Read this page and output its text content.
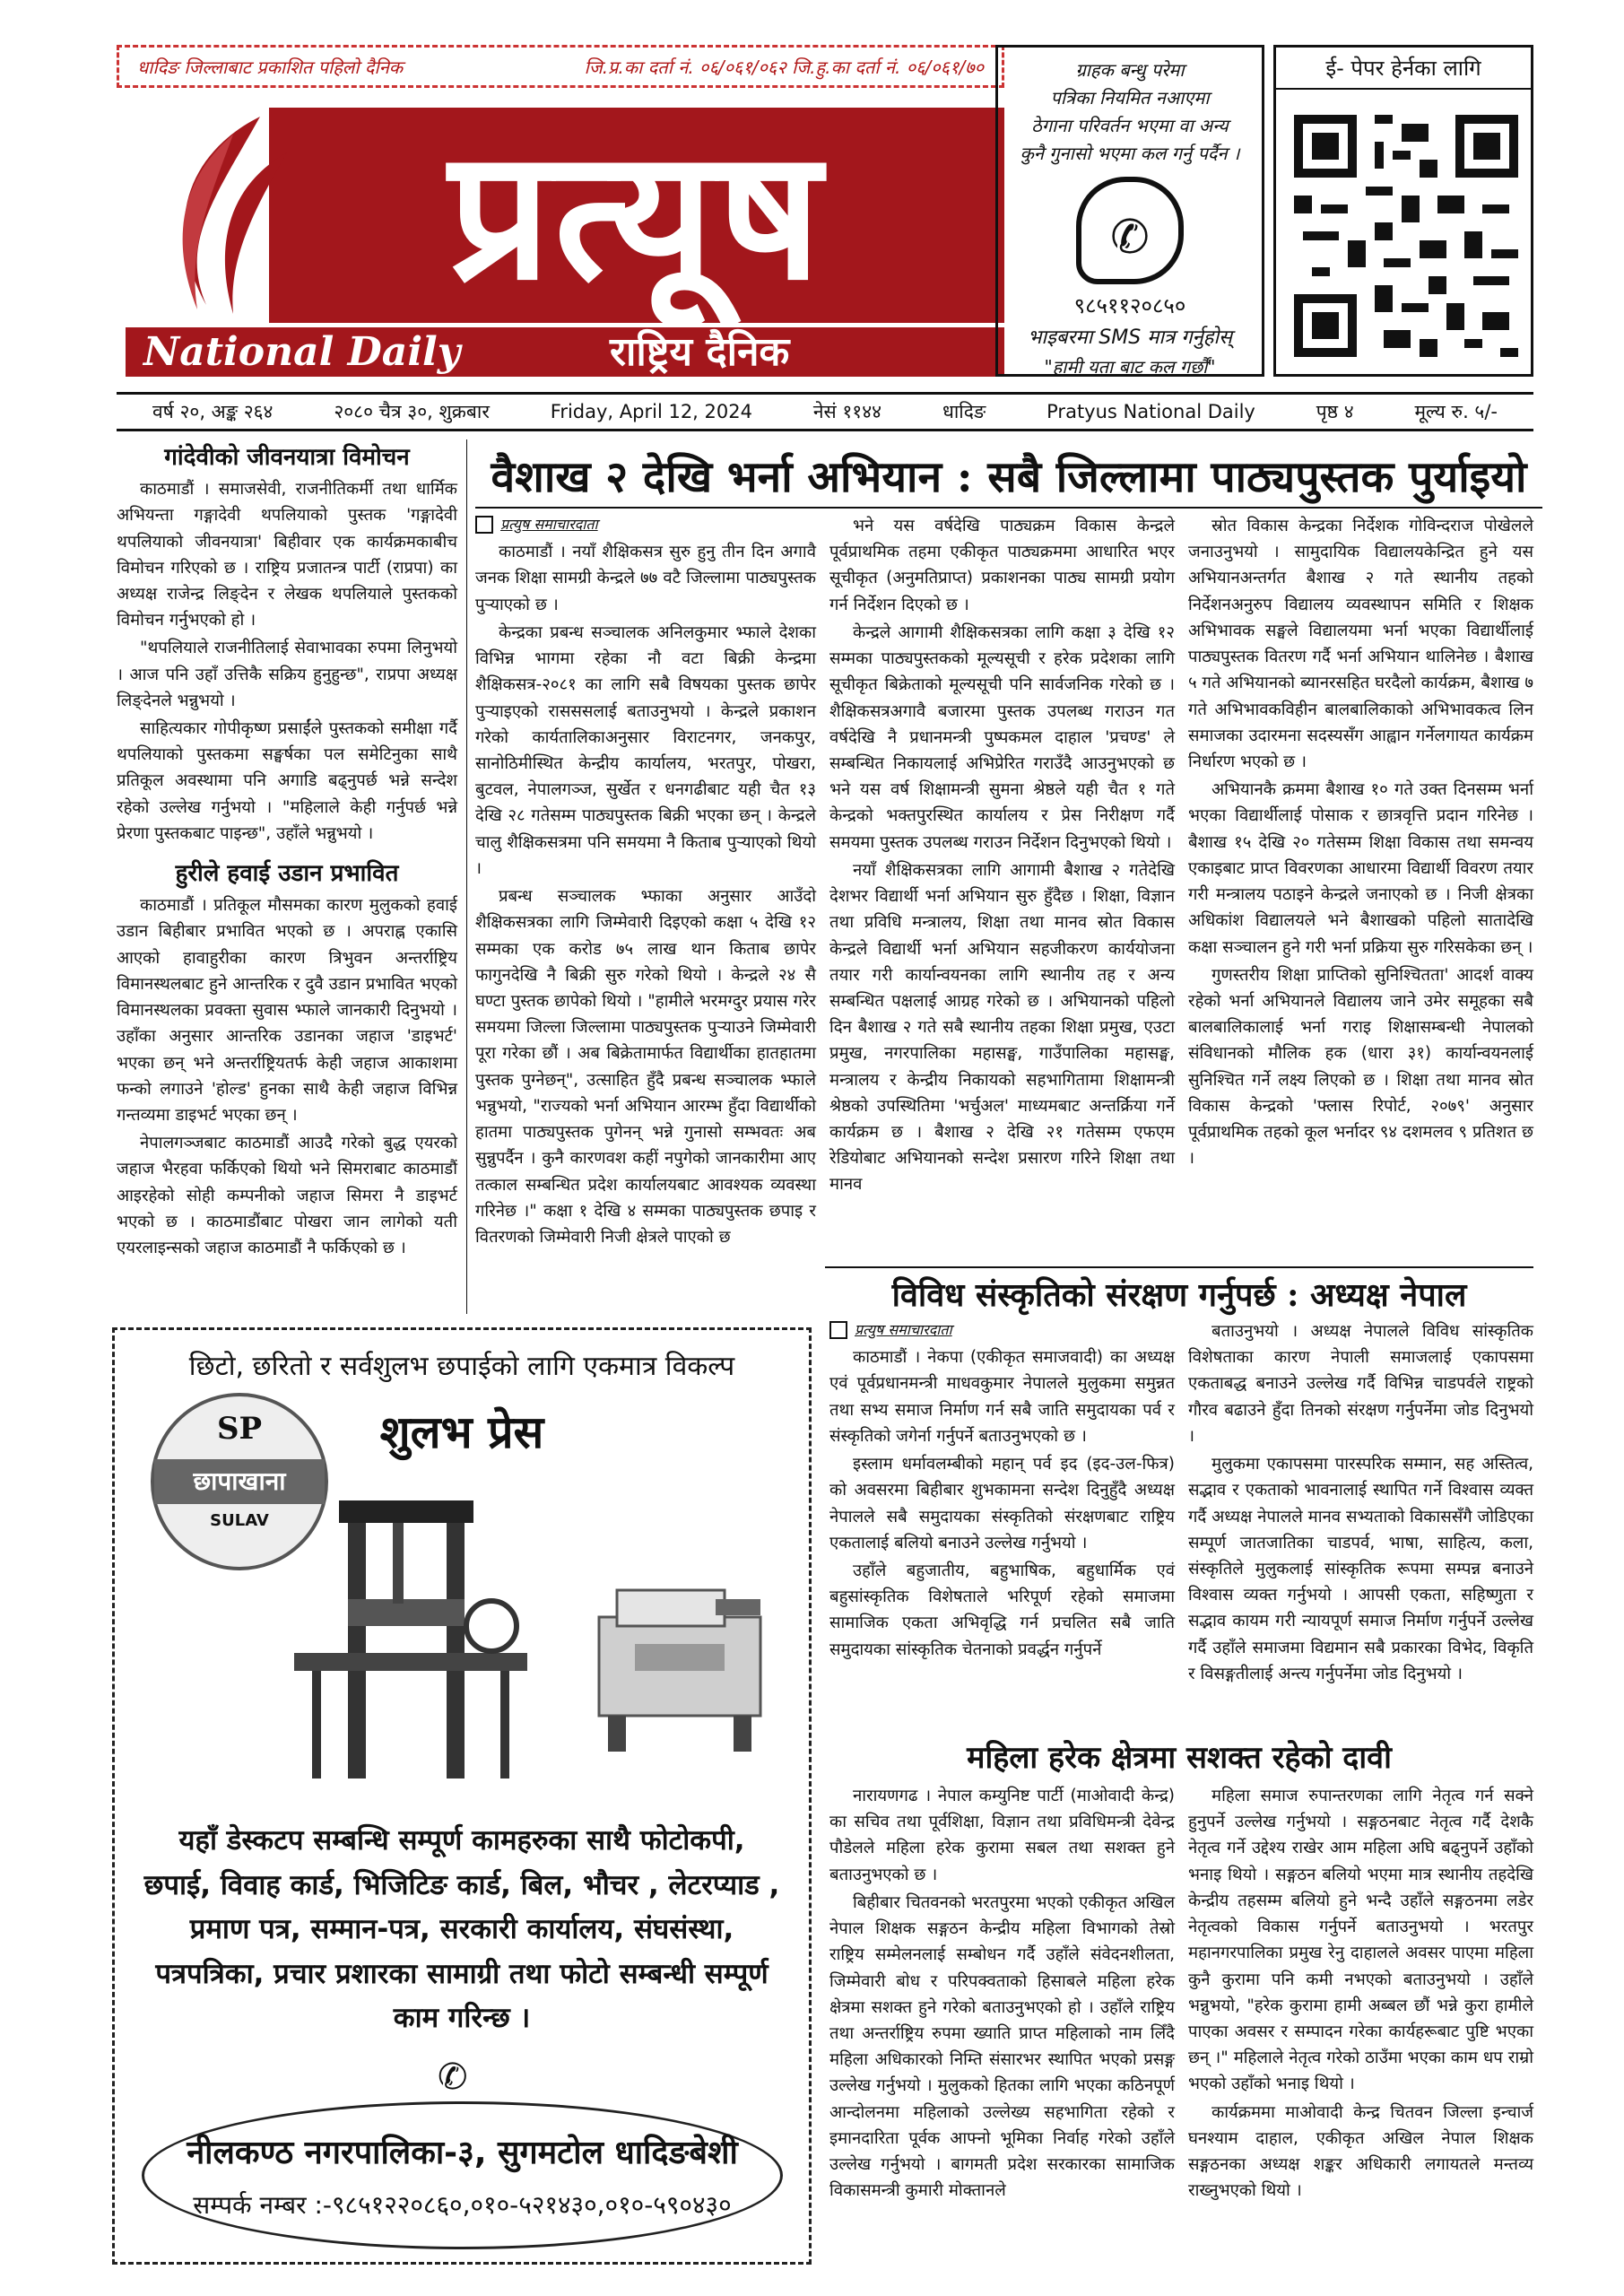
धादिङ जिल्लाबाट प्रकाशित पहिलो दैनिक	जि.प्र.का दर्ता नं. ०६/०६१/०६२ जि.हु.का दर्ता नं. ०६/०६१/७०
प्रत्यूष
National Daily	राष्ट्रिय दैनिक
ग्राहक बन्धु परेमा
पत्रिका नियमित नआएमा
ठेगाना परिवर्तन भएमा वा अन्य
कुनै गुनासो भएमा कल गर्नु पर्दैन ।
✆
९८५११२०८५०
भाइबरमा SMS मात्र गर्नुहोस्
"हामी यता बाट कल गर्छौं"
ई- पेपर हेर्नका लागि
वर्ष २०, अङ्क २६४	२०८० चैत्र ३०, शुक्रबार	Friday, April 12, 2024	नेसं ११४४	धादिङ	Pratyus National Daily	पृष्ठ ४	मूल्य रु. ५/-
गांदेवीको जीवनयात्रा विमोचन

काठमाडौं । समाजसेवी, राजनीतिकर्मी तथा धार्मिक अभियन्ता गङ्गादेवी थपलियाको पुस्तक 'गङ्गादेवी थपलियाको जीवनयात्रा' बिहीवार एक कार्यक्रमकाबीच विमोचन गरिएको छ । राष्ट्रिय प्रजातन्त्र पार्टी (राप्रपा) का अध्यक्ष राजेन्द्र लिङ्देन र लेखक थपलियाले पुस्तकको विमोचन गर्नुभएको हो ।

"थपलियाले राजनीतिलाई सेवाभावका रुपमा लिनुभयो । आज पनि उहाँ उत्तिकै सक्रिय हुनुहुन्छ", राप्रपा अध्यक्ष लिङ्देनले भन्नुभयो ।

साहित्यकार गोपीकृष्ण प्रसाईंले पुस्तकको समीक्षा गर्दै थपलियाको पुस्तकमा सङ्घर्षका पल समेटिनुका साथै प्रतिकूल अवस्थामा पनि अगाडि बढ्नुपर्छ भन्ने सन्देश रहेको उल्लेख गर्नुभयो । "महिलाले केही गर्नुपर्छ भन्ने प्रेरणा पुस्तकबाट पाइन्छ", उहाँले भन्नुभयो ।

हुरीले हवाई उडान प्रभावित

काठमाडौं । प्रतिकूल मौसमका कारण मुलुकको हवाई उडान बिहीबार प्रभावित भएको छ । अपराह्न एकासि आएको हावाहुरीका कारण त्रिभुवन अन्तर्राष्ट्रिय विमानस्थलबाट हुने आन्तरिक र दुवै उडान प्रभावित भएको विमानस्थलका प्रवक्ता सुवास भ्फाले जानकारी दिनुभयो । उहाँका अनुसार आन्तरिक उडानका जहाज 'डाइभर्ट' भएका छन् भने अन्तर्राष्ट्रियतर्फ केही जहाज आकाशमा फन्को लगाउने 'होल्ड' हुनका साथै केही जहाज विभिन्न गन्तव्यमा डाइभर्ट भएका छन् ।

नेपालगञ्जबाट काठमाडौं आउदै गरेको बुद्ध एयरको जहाज भैरहवा फर्किएको थियो भने सिमराबाट काठमाडौं आइरहेको सोही कम्पनीको जहाज सिमरा नै डाइभर्ट भएको छ । काठमाडौंबाट पोखरा जान लागेको यती एयरलाइन्सको जहाज काठमाडौं नै फर्किएको छ ।

वैशाख २ देखि भर्ना अभियान : सबै जिल्लामा पाठ्यपुस्तक पुर्याइयो
प्रत्युष समाचारदाता

काठमाडौं । नयाँ शैक्षिकसत्र सुरु हुनु तीन दिन अगावै जनक शिक्षा सामग्री केन्द्रले ७७ वटै जिल्लामा पाठ्यपुस्तक पुऱ्याएको छ ।

केन्द्रका प्रबन्ध सञ्चालक अनिलकुमार भ्फाले देशका विभिन्न भागमा रहेका नौ वटा बिक्री केन्द्रमा शैक्षिकसत्र-२०८१ का लागि सबै विषयका पुस्तक छापेर पुऱ्याइएको रासससलाई बताउनुभयो । केन्द्रले प्रकाशन गरेको कार्यतालिकाअनुसार विराटनगर, जनकपुर, सानोठिमीस्थित केन्द्रीय कार्यालय, भरतपुर, पोखरा, बुटवल, नेपालगञ्ज, सुर्खेत र धनगढीबाट यही चैत १३ देखि २८ गतेसम्म पाठ्यपुस्तक बिक्री भएका छन् । केन्द्रले चालु शैक्षिकसत्रमा पनि समयमा नै किताब पुऱ्याएको थियो ।

प्रबन्ध सञ्चालक भ्फाका अनुसार आउँदो शैक्षिकसत्रका लागि जिम्मेवारी दिइएको कक्षा ५ देखि १२ सम्मका एक करोड ७५ लाख थान किताब छापेर फागुनदेखि नै बिक्री सुरु गरेको थियो । केन्द्रले २४ सै घण्टा पुस्तक छापेको थियो । "हामीले भरमग्दुर प्रयास गरेर समयमा जिल्ला जिल्लामा पाठ्यपुस्तक पुऱ्याउने जिम्मेवारी पूरा गरेका छौं । अब बिक्रेतामार्फत विद्यार्थीका हातहातमा पुस्तक पुग्नेछन्", उत्साहित हुँदै प्रबन्ध सञ्चालक भ्फाले भन्नुभयो, "राज्यको भर्ना अभियान आरम्भ हुँदा विद्यार्थीको हातमा पाठ्यपुस्तक पुगेनन् भन्ने गुनासो सम्भवतः अब सुन्नुपर्दैन । कुनै कारणवश कहीं नपुगेको जानकारीमा आए तत्काल सम्बन्धित प्रदेश कार्यालयबाट आवश्यक व्यवस्था गरिनेछ ।" कक्षा १ देखि ४ सम्मका पाठ्यपुस्तक छपाइ र वितरणको जिम्मेवारी निजी क्षेत्रले पाएको छ

भने यस वर्षदेखि पाठ्यक्रम विकास केन्द्रले पूर्वप्राथमिक तहमा एकीकृत पाठ्यक्रममा आधारित भएर सूचीकृत (अनुमतिप्राप्त) प्रकाशनका पाठ्य सामग्री प्रयोग गर्न निर्देशन दिएको छ ।

केन्द्रले आगामी शैक्षिकसत्रका लागि कक्षा ३ देखि १२ सम्मका पाठ्यपुस्तकको मूल्यसूची र हरेक प्रदेशका लागि सूचीकृत बिक्रेताको मूल्यसूची पनि सार्वजनिक गरेको छ । शैक्षिकसत्रअगावै बजारमा पुस्तक उपलब्ध गराउन गत वर्षदेखि नै प्रधानमन्त्री पुष्पकमल दाहाल 'प्रचण्ड' ले सम्बन्धित निकायलाई अभिप्रेरित गराउँदै आउनुभएको छ भने यस वर्ष शिक्षामन्त्री सुमना श्रेष्ठले यही चैत १ गते केन्द्रको भक्तपुरस्थित कार्यालय र प्रेस निरीक्षण गर्दै समयमा पुस्तक उपलब्ध गराउन निर्देशन दिनुभएको थियो ।

नयाँ शैक्षिकसत्रका लागि आगामी बैशाख २ गतेदेखि देशभर विद्यार्थी भर्ना अभियान सुरु हुँदैछ । शिक्षा, विज्ञान तथा प्रविधि मन्त्रालय, शिक्षा तथा मानव स्रोत विकास केन्द्रले विद्यार्थी भर्ना अभियान सहजीकरण कार्ययोजना तयार गरी कार्यान्वयनका लागि स्थानीय तह र अन्य सम्बन्धित पक्षलाई आग्रह गरेको छ । अभियानको पहिलो दिन बैशाख २ गते सबै स्थानीय तहका शिक्षा प्रमुख, एउटा प्रमुख, नगरपालिका महासङ्घ, गाउँपालिका महासङ्घ, मन्त्रालय र केन्द्रीय निकायको सहभागितामा शिक्षामन्त्री श्रेष्ठको उपस्थितिमा 'भर्चुअल' माध्यमबाट अन्तर्क्रिया गर्ने कार्यक्रम छ । बैशाख २ देखि २१ गतेसम्म एफएम रेडियोबाट अभियानको सन्देश प्रसारण गरिने शिक्षा तथा मानव

स्रोत विकास केन्द्रका निर्देशक गोविन्दराज पोखेलले जनाउनुभयो । सामुदायिक विद्यालयकेन्द्रित हुने यस अभियानअन्तर्गत बैशाख २ गते स्थानीय तहको निर्देशनअनुरुप विद्यालय व्यवस्थापन समिति र शिक्षक अभिभावक सङ्घले विद्यालयमा भर्ना भएका विद्यार्थीलाई पाठ्यपुस्तक वितरण गर्दै भर्ना अभियान थालिनेछ । बैशाख ५ गते अभियानको ब्यानरसहित घरदैलो कार्यक्रम, बैशाख ७ गते अभिभावकविहीन बालबालिकाको अभिभावकत्व लिन समाजका उदारमना सदस्यसँग आह्वान गर्नेलगायत कार्यक्रम निर्धारण भएको छ ।

अभियानकै क्रममा बैशाख १० गते उक्त दिनसम्म भर्ना भएका विद्यार्थीलाई पोसाक र छात्रवृत्ति प्रदान गरिनेछ । बैशाख १५ देखि २० गतेसम्म शिक्षा विकास तथा समन्वय एकाइबाट प्राप्त विवरणका आधारमा विद्यार्थी विवरण तयार गरी मन्त्रालय पठाइने केन्द्रले जनाएको छ । निजी क्षेत्रका अधिकांश विद्यालयले भने बैशाखको पहिलो सातादेखि कक्षा सञ्चालन हुने गरी भर्ना प्रक्रिया सुरु गरिसकेका छन् ।

गुणस्तरीय शिक्षा प्राप्तिको सुनिश्चितता' आदर्श वाक्य रहेको भर्ना अभियानले विद्यालय जाने उमेर समूहका सबै बालबालिकालाई भर्ना गराइ शिक्षासम्बन्धी नेपालको संविधानको मौलिक हक (धारा ३१) कार्यान्वयनलाई सुनिश्चित गर्ने लक्ष्य लिएको छ । शिक्षा तथा मानव स्रोत विकास केन्द्रको 'फ्लास रिपोर्ट, २०७९' अनुसार पूर्वप्राथमिक तहको कूल भर्नादर ९४ दशमलव ९ प्रतिशत छ ।

विविध संस्कृतिको संरक्षण गर्नुपर्छ : अध्यक्ष नेपाल
प्रत्युष समाचारदाता

काठमाडौं । नेकपा (एकीकृत समाजवादी) का अध्यक्ष एवं पूर्वप्रधानमन्त्री माधवकुमार नेपालले मुलुकमा समुन्नत तथा सभ्य समाज निर्माण गर्न सबै जाति समुदायका पर्व र संस्कृतिको जगेर्ना गर्नुपर्ने बताउनुभएको छ ।

इस्लाम धर्मावलम्बीको महान् पर्व इद (इद-उल-फित्र) को अवसरमा बिहीबार शुभकामना सन्देश दिनुहुँदै अध्यक्ष नेपालले सबै समुदायका संस्कृतिको संरक्षणबाट राष्ट्रिय एकतालाई बलियो बनाउने उल्लेख गर्नुभयो ।

उहाँले बहुजातीय, बहुभाषिक, बहुधार्मिक एवं बहुसांस्कृतिक विशेषताले भरिपूर्ण रहेको समाजमा सामाजिक एकता अभिवृद्धि गर्न प्रचलित सबै जाति समुदायका सांस्कृतिक चेतनाको प्रवर्द्धन गर्नुपर्ने

बताउनुभयो । अध्यक्ष नेपालले विविध सांस्कृतिक विशेषताका कारण नेपाली समाजलाई एकापसमा एकताबद्ध बनाउने उल्लेख गर्दै विभिन्न चाडपर्वले राष्ट्रको गौरव बढाउने हुँदा तिनको संरक्षण गर्नुपर्नेमा जोड दिनुभयो ।

मुलुकमा एकापसमा पारस्परिक सम्मान, सह अस्तित्व, सद्भाव र एकताको भावनालाई स्थापित गर्ने विश्वास व्यक्त गर्दै अध्यक्ष नेपालले मानव सभ्यताको विकाससँगै जोडिएका सम्पूर्ण जातजातिका चाडपर्व, भाषा, साहित्य, कला, संस्कृतिले मुलुकलाई सांस्कृतिक रूपमा सम्पन्न बनाउने विश्वास व्यक्त गर्नुभयो । आपसी एकता, सहिष्णुता र सद्भाव कायम गरी न्यायपूर्ण समाज निर्माण गर्नुपर्ने उल्लेख गर्दै उहाँले समाजमा विद्यमान सबै प्रकारका विभेद, विकृति र विसङ्गतीलाई अन्त्य गर्नुपर्नेमा जोड दिनुभयो ।

महिला हरेक क्षेत्रमा सशक्त रहेको दावी

नारायणगढ । नेपाल कम्युनिष्ट पार्टी (माओवादी केन्द्र) का सचिव तथा पूर्वशिक्षा, विज्ञान तथा प्रविधिमन्त्री देवेन्द्र पौडेलले महिला हरेक कुरामा सबल तथा सशक्त हुने बताउनुभएको छ ।

बिहीबार चितवनको भरतपुरमा भएको एकीकृत अखिल नेपाल शिक्षक सङ्गठन केन्द्रीय महिला विभागको तेस्रो राष्ट्रिय सम्मेलनलाई सम्बोधन गर्दै उहाँले संवेदनशीलता, जिम्मेवारी बोध र परिपक्वताको हिसाबले महिला हरेक क्षेत्रमा सशक्त हुने गरेको बताउनुभएको हो । उहाँले राष्ट्रिय तथा अन्तर्राष्ट्रिय रुपमा ख्याति प्राप्त महिलाको नाम लिँदै महिला अधिकारको निम्ति संसारभर स्थापित भएको प्रसङ्ग उल्लेख गर्नुभयो । मुलुकको हितका लागि भएका कठिनपूर्ण आन्दोलनमा महिलाको उल्लेख्य सहभागिता रहेको र इमानदारिता पूर्वक आफ्नो भूमिका निर्वाह गरेको उहाँले उल्लेख गर्नुभयो । बागमती प्रदेश सरकारका सामाजिक विकासमन्त्री कुमारी मोक्तानले

महिला समाज रुपान्तरणका लागि नेतृत्व गर्न सक्ने हुनुपर्ने उल्लेख गर्नुभयो । सङ्गठनबाट नेतृत्व गर्दै देशकै नेतृत्व गर्ने उद्देश्य राखेर आम महिला अघि बढ्नुपर्ने उहाँको भनाइ थियो । सङ्गठन बलियो भएमा मात्र स्थानीय तहदेखि केन्द्रीय तहसम्म बलियो हुने भन्दै उहाँले सङ्गठनमा लडेर नेतृत्वको विकास गर्नुपर्ने बताउनुभयो । भरतपुर महानगरपालिका प्रमुख रेनु दाहालले अवसर पाएमा महिला कुनै कुरामा पनि कमी नभएको बताउनुभयो । उहाँले भन्नुभयो, "हरेक कुरामा हामी अब्बल छौं भन्ने कुरा हामीले पाएका अवसर र सम्पादन गरेका कार्यहरूबाट पुष्टि भएका छन् ।" महिलाले नेतृत्व गरेको ठाउँमा भएका काम धप राम्रो भएको उहाँको भनाइ थियो ।

कार्यक्रममा माओवादी केन्द्र चितवन जिल्ला इन्चार्ज घनश्याम दाहाल, एकीकृत अखिल नेपाल शिक्षक सङ्गठनका अध्यक्ष शङ्कर अधिकारी लगायतले मन्तव्य राख्नुभएको थियो ।

छिटो, छरितो र सर्वशुलभ छपाईको लागि एकमात्र विकल्प
SP
छापाखाना
SULAV
शुलभ प्रेस
यहाँ डेस्कटप सम्बन्धि सम्पूर्ण कामहरुका साथै फोटोकपी, छपाई, विवाह कार्ड, भिजिटिङ कार्ड, बिल, भौचर , लेटरप्याड , प्रमाण पत्र, सम्मान-पत्र, सरकारी कार्यालय, संघसंस्था, पत्रपत्रिका, प्रचार प्रशारका सामाग्री तथा फोटो सम्बन्धी सम्पूर्ण काम गरिन्छ ।
✆
नीलकण्ठ नगरपालिका-३, सुगमटोल धादिङबेशी
सम्पर्क नम्बर :-९८५१२२०८६०,०१०-५२१४३०,०१०-५९०४३०
